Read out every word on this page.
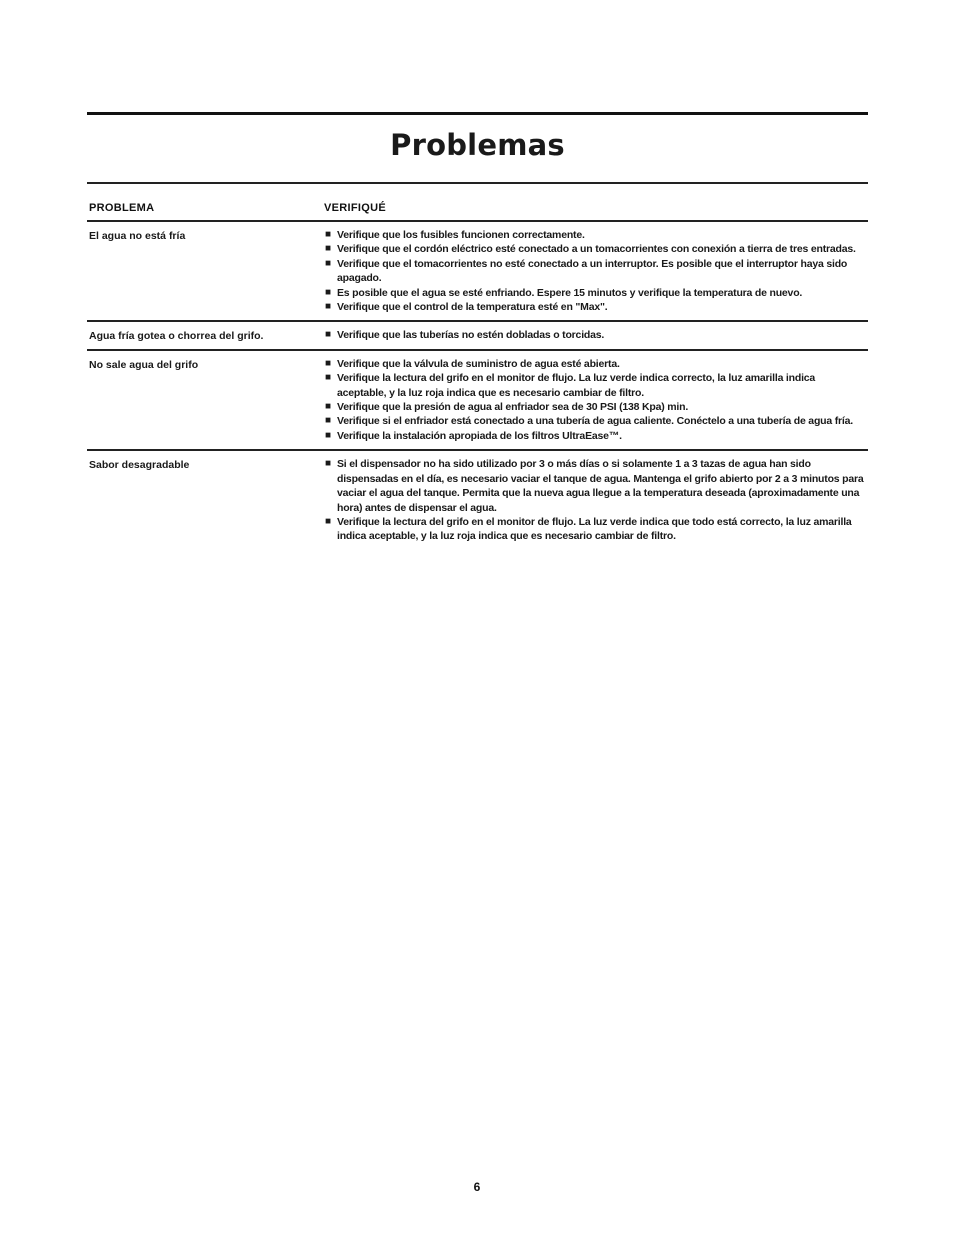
Problemas
PROBLEMA	VERIFIQUÉ
El agua no está fría	■ Verifique que los fusibles funcionen correctamente.
■ Verifique que el cordón eléctrico esté conectado a un tomacorrientes con conexión a tierra de tres entradas.
■ Verifique que el tomacorrientes no esté conectado a un interruptor. Es posible que el interruptor haya sido apagado.
■ Es posible que el agua se esté enfriando. Espere 15 minutos y verifique la temperatura de nuevo.
■ Verifique que el control de la temperatura esté en "Max".
Agua fría gotea o chorrea del grifo.	■ Verifique que las tuberías no estén dobladas o torcidas.
No sale agua del grifo	■ Verifique que la válvula de suministro de agua esté abierta.
■ Verifique la lectura del grifo en el monitor de flujo. La luz verde indica correcto, la luz amarilla indica aceptable, y la luz roja indica que es necesario cambiar de filtro.
■ Verifique que la presión de agua al enfriador sea de 30 PSI (138 Kpa) min.
■ Verifique si el enfriador está conectado a una tubería de agua caliente. Conéctelo a una tubería de agua fría.
■ Verifique la instalación apropiada de los filtros UltraEase™.
Sabor desagradable	■ Si el dispensador no ha sido utilizado por 3 o más días o si solamente 1 a 3 tazas de agua han sido dispensadas en el día, es necesario vaciar el tanque de agua. Mantenga el grifo abierto por 2 a 3 minutos para vaciar el agua del tanque. Permita que la nueva agua llegue a la temperatura deseada (aproximadamente una hora) antes de dispensar el agua.
■ Verifique la lectura del grifo en el monitor de flujo. La luz verde indica que todo está correcto, la luz amarilla indica aceptable, y la luz roja indica que es necesario cambiar de filtro.
6
